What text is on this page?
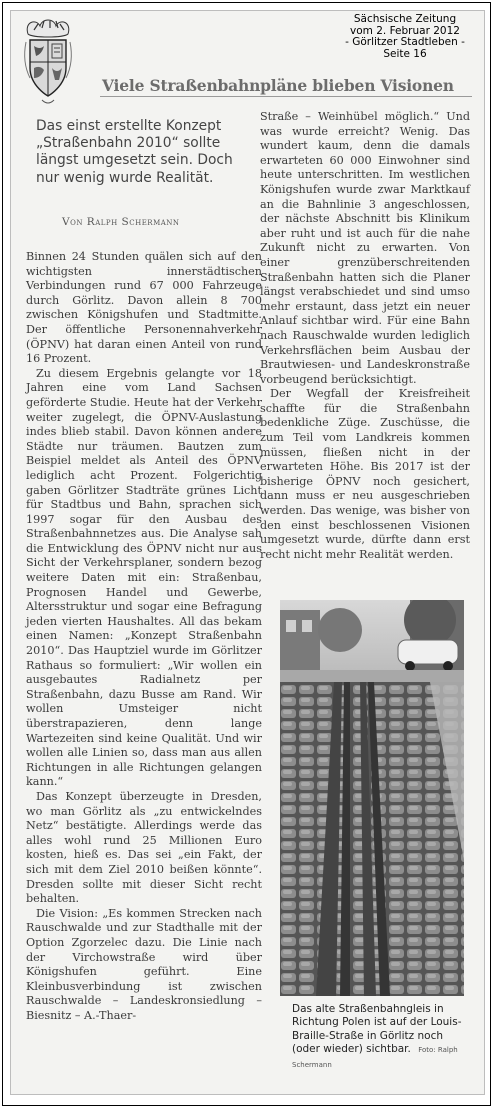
Sächsische Zeitung
vom 2. Februar 2012
- Görlitzer Stadtleben -
Seite 16
Viele Straßenbahnpläne blieben Visionen
Das einst erstellte Konzept „Straßenbahn 2010“ sollte längst umgesetzt sein. Doch nur wenig wurde Realität.
Von Ralph Schermann

Binnen 24 Stunden quälen sich auf den wichtigsten innerstädtischen Verbindungen rund 67 000 Fahrzeuge durch Görlitz. Davon allein 8 700 zwischen Königshufen und Stadtmitte. Der öffentliche Personennahverkehr (ÖPNV) hat daran einen Anteil von rund 16 Prozent.

Zu diesem Ergebnis gelangte vor 18 Jahren eine vom Land Sachsen geförderte Studie. Heute hat der Verkehr weiter zugelegt, die ÖPNV-Auslastung indes blieb stabil. Davon können andere Städte nur träumen. Bautzen zum Beispiel meldet als Anteil des ÖPNV lediglich acht Prozent. Folgerichtig gaben Görlitzer Stadträte grünes Licht für Stadtbus und Bahn, sprachen sich 1997 sogar für den Ausbau des Straßenbahnnetzes aus. Die Analyse sah die Entwicklung des ÖPNV nicht nur aus Sicht der Verkehrsplaner, sondern bezog weitere Daten mit ein: Straßenbau, Prognosen Handel und Gewerbe, Altersstruktur und sogar eine Befragung jeden vierten Haushaltes. All das bekam einen Namen: „Konzept Straßenbahn 2010“. Das Hauptziel wurde im Görlitzer Rathaus so formuliert: „Wir wollen ein ausgebautes Radialnetz per Straßenbahn, dazu Busse am Rand. Wir wollen Umsteiger nicht überstrapazieren, denn lange Wartezeiten sind keine Qualität. Und wir wollen alle Linien so, dass man aus allen Richtungen in alle Richtungen gelangen kann.“

Das Konzept überzeugte in Dresden, wo man Görlitz als „zu entwickelndes Netz“ bestätigte. Allerdings werde das alles wohl rund 25 Millionen Euro kosten, hieß es. Das sei „ein Fakt, der sich mit dem Ziel 2010 beißen könnte“. Dresden sollte mit dieser Sicht recht behalten.

Die Vision: „Es kommen Strecken nach Rauschwalde und zur Stadthalle mit der Option Zgorzelec dazu. Die Linie nach der Virchowstraße wird über Königshufen geführt. Eine Kleinbusverbindung ist zwischen Rauschwalde – Landeskronsiedlung – Biesnitz – A.-Thaer-

Straße – Weinhübel möglich.“ Und was wurde erreicht? Wenig. Das wundert kaum, denn die damals erwarteten 60 000 Einwohner sind heute unterschritten. Im westlichen Königshufen wurde zwar Marktkauf an die Bahnlinie 3 angeschlossen, der nächste Abschnitt bis Klinikum aber ruht und ist auch für die nahe Zukunft nicht zu erwarten. Von einer grenzüberschreitenden Straßenbahn hatten sich die Planer längst verabschiedet und sind umso mehr erstaunt, dass jetzt ein neuer Anlauf sichtbar wird. Für eine Bahn nach Rauschwalde wurden lediglich Verkehrsflächen beim Ausbau der Brautwiesen- und Landeskronstraße vorbeugend berücksichtigt.

Der Wegfall der Kreisfreiheit schaffte für die Straßenbahn bedenkliche Züge. Zuschüsse, die zum Teil vom Landkreis kommen müssen, fließen nicht in der erwarteten Höhe. Bis 2017 ist der bisherige ÖPNV noch gesichert, dann muss er neu ausgeschrieben werden. Das wenige, was bisher von den einst beschlossenen Visionen umgesetzt wurde, dürfte dann erst recht nicht mehr Realität werden.

Das alte Straßenbahngleis in Richtung Polen ist auf der Louis-Braille-Straße in Görlitz noch (oder wieder) sichtbar. Foto: Ralph Schermann
